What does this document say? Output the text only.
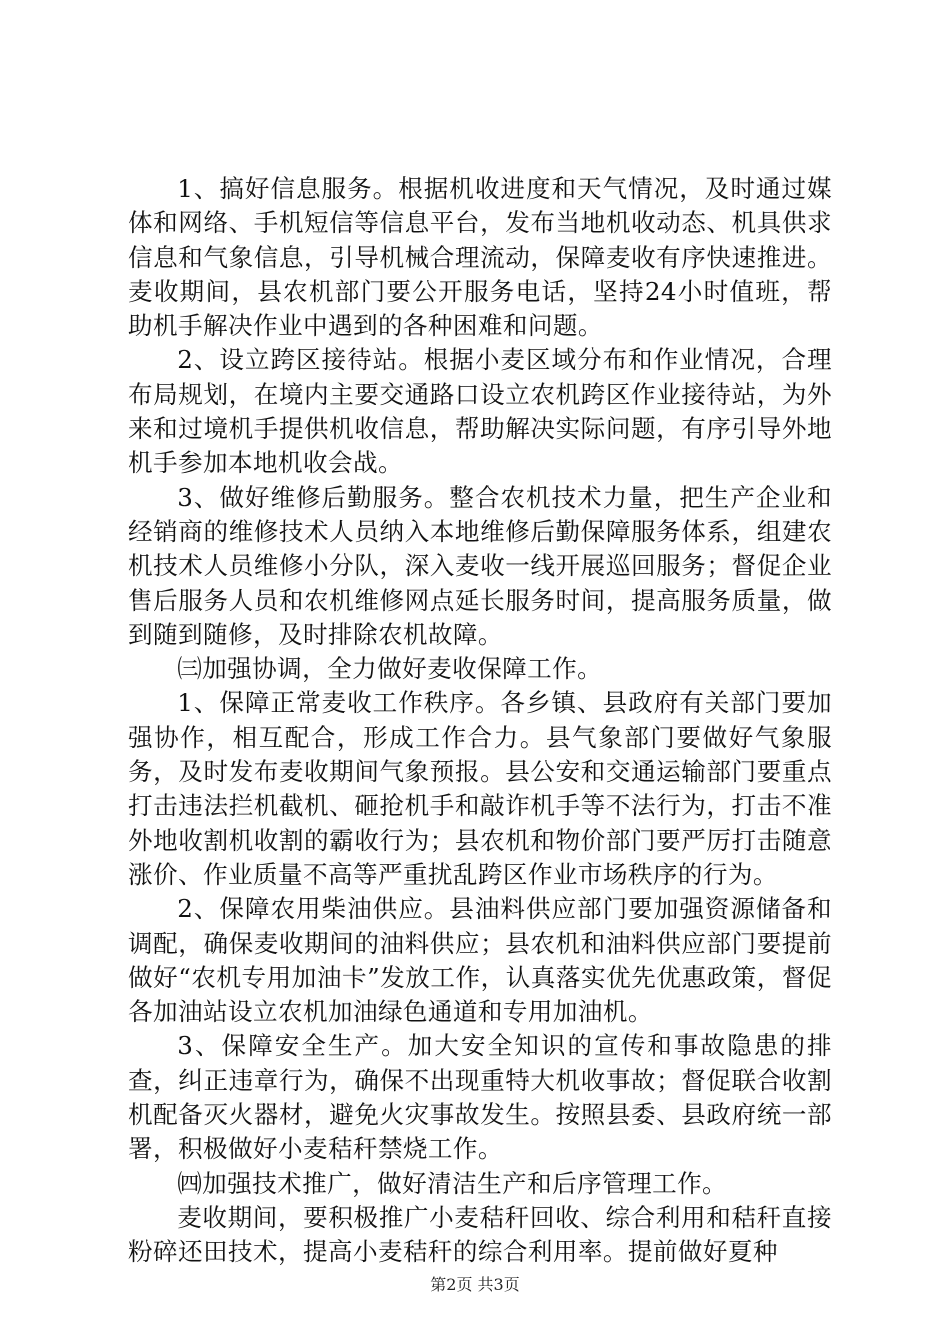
1、搞好信息服务。根据机收进度和天气情况，及时通过媒体和网络、手机短信等信息平台，发布当地机收动态、机具供求信息和气象信息，引导机械合理流动，保障麦收有序快速推进。麦收期间，县农机部门要公开服务电话，坚持24小时值班，帮助机手解决作业中遇到的各种困难和问题。

2、设立跨区接待站。根据小麦区域分布和作业情况，合理布局规划，在境内主要交通路口设立农机跨区作业接待站，为外来和过境机手提供机收信息，帮助解决实际问题，有序引导外地机手参加本地机收会战。

3、做好维修后勤服务。整合农机技术力量，把生产企业和经销商的维修技术人员纳入本地维修后勤保障服务体系，组建农机技术人员维修小分队，深入麦收一线开展巡回服务；督促企业售后服务人员和农机维修网点延长服务时间，提高服务质量，做到随到随修，及时排除农机故障。

㈢加强协调，全力做好麦收保障工作。

1、保障正常麦收工作秩序。各乡镇、县政府有关部门要加强协作，相互配合，形成工作合力。县气象部门要做好气象服务，及时发布麦收期间气象预报。县公安和交通运输部门要重点打击违法拦机截机、砸抢机手和敲诈机手等不法行为，打击不准外地收割机收割的霸收行为；县农机和物价部门要严厉打击随意涨价、作业质量不高等严重扰乱跨区作业市场秩序的行为。

2、保障农用柴油供应。县油料供应部门要加强资源储备和调配，确保麦收期间的油料供应；县农机和油料供应部门要提前做好“农机专用加油卡”发放工作，认真落实优先优惠政策，督促各加油站设立农机加油绿色通道和专用加油机。

3、保障安全生产。加大安全知识的宣传和事故隐患的排查，纠正违章行为，确保不出现重特大机收事故；督促联合收割机配备灭火器材，避免火灾事故发生。按照县委、县政府统一部署，积极做好小麦秸秆禁烧工作。

㈣加强技术推广，做好清洁生产和后序管理工作。

麦收期间，要积极推广小麦秸秆回收、综合利用和秸秆直接粉碎还田技术，提高小麦秸秆的综合利用率。提前做好夏种

第2页 共3页
